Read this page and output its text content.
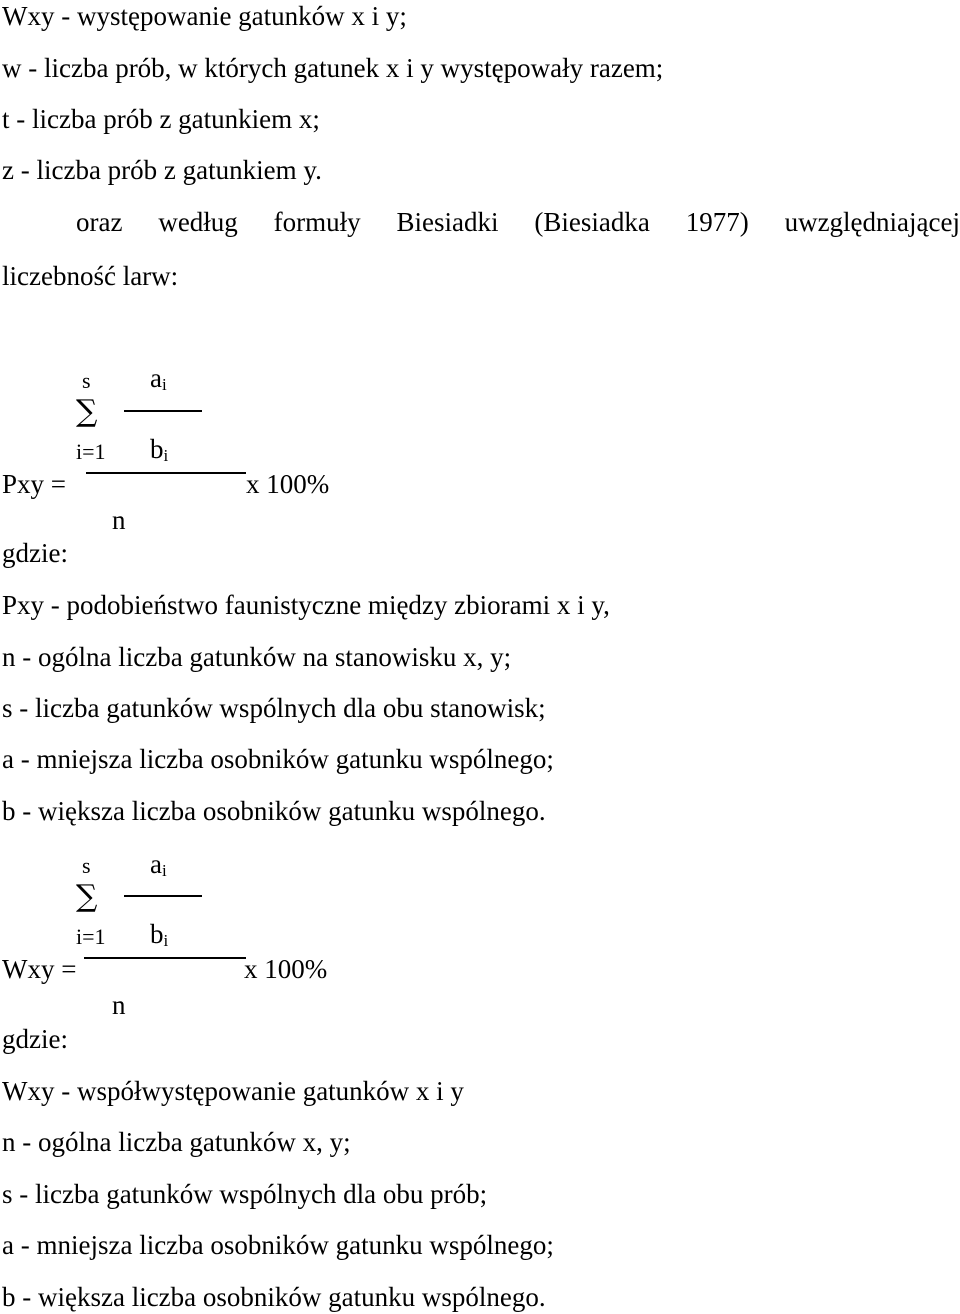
Wxy - występowanie gatunków x i y;
w - liczba prób, w których gatunek x i y występowały razem;
t - liczba prób z gatunkiem x;
z - liczba prób z gatunkiem y.
oraz według formuły Biesiadki (Biesiadka 1977) uwzględniającej
liczebność larw:
s ai
∑
i=1 bi
Pxy =	x 100%
n
gdzie:
Pxy - podobieństwo faunistyczne między zbiorami x i y,
n - ogólna liczba gatunków na stanowisku x, y;
s - liczba gatunków wspólnych dla obu stanowisk;
a - mniejsza liczba osobników gatunku wspólnego;
b - większa liczba osobników gatunku wspólnego.
s ai
∑
i=1 bi
Wxy =	x 100%
n
gdzie:
Wxy - współwystępowanie gatunków x i y
n - ogólna liczba gatunków x, y;
s - liczba gatunków wspólnych dla obu prób;
a - mniejsza liczba osobników gatunku wspólnego;
b - większa liczba osobników gatunku wspólnego.
